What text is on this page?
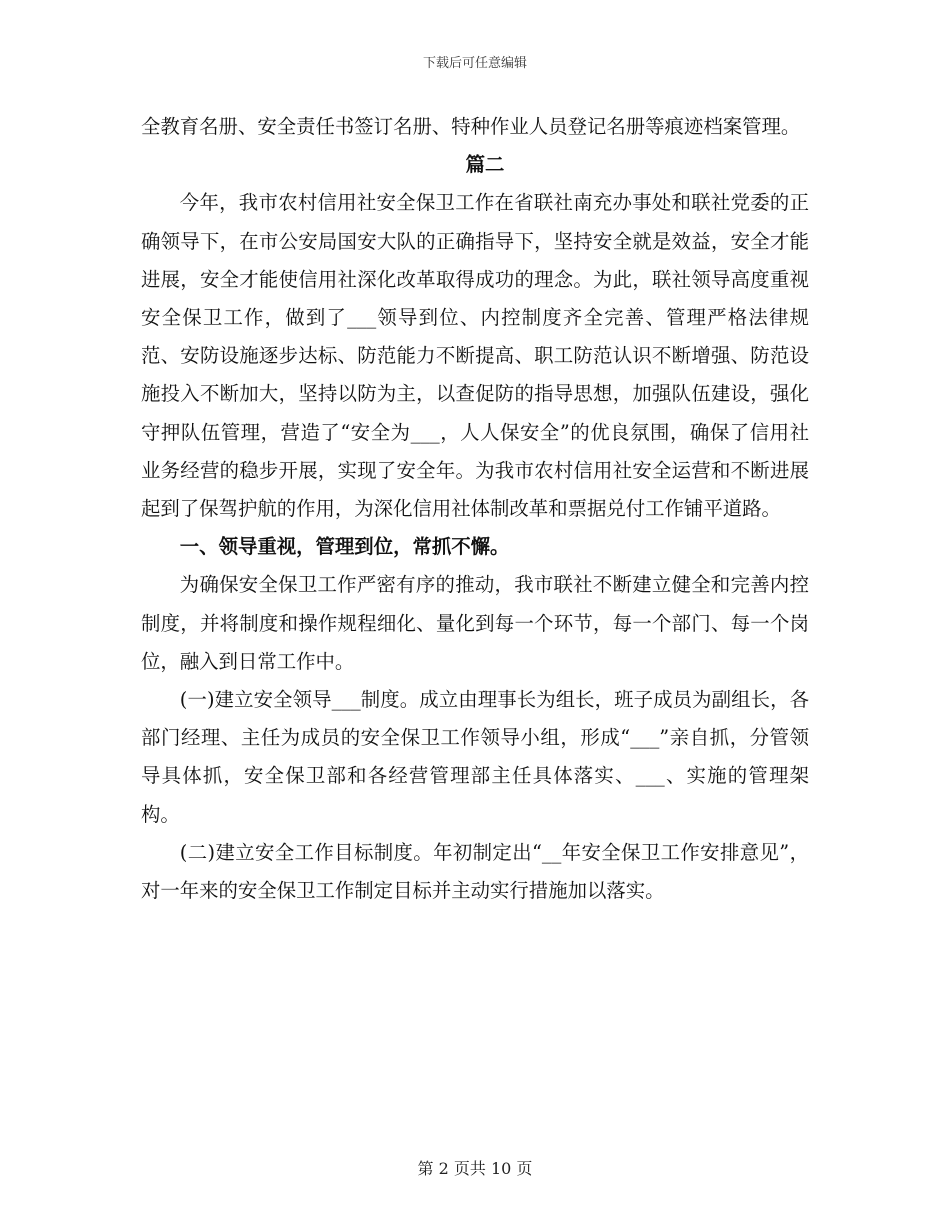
下载后可任意编辑

全教育名册、安全责任书签订名册、特种作业人员登记名册等痕迹档案管理。

篇二

今年，我市农村信用社安全保卫工作在省联社南充办事处和联社党委的正确领导下，在市公安局国安大队的正确指导下，坚持安全就是效益，安全才能进展，安全才能使信用社深化改革取得成功的理念。为此，联社领导高度重视安全保卫工作，做到了___领导到位、内控制度齐全完善、管理严格法律规范、安防设施逐步达标、防范能力不断提高、职工防范认识不断增强、防范设施投入不断加大，坚持以防为主，以查促防的指导思想，加强队伍建设，强化守押队伍管理，营造了“安全为___，人人保安全”的优良氛围，确保了信用社业务经营的稳步开展，实现了安全年。为我市农村信用社安全运营和不断进展起到了保驾护航的作用，为深化信用社体制改革和票据兑付工作铺平道路。

一、领导重视，管理到位，常抓不懈。

为确保安全保卫工作严密有序的推动，我市联社不断建立健全和完善内控制度，并将制度和操作规程细化、量化到每一个环节，每一个部门、每一个岗位，融入到日常工作中。

(一)建立安全领导___制度。成立由理事长为组长，班子成员为副组长，各部门经理、主任为成员的安全保卫工作领导小组，形成“___”亲自抓，分管领导具体抓，安全保卫部和各经营管理部主任具体落实、___、实施的管理架构。

(二)建立安全工作目标制度。年初制定出“__年安全保卫工作安排意见”，对一年来的安全保卫工作制定目标并主动实行措施加以落实。

第 2 页共 10 页
